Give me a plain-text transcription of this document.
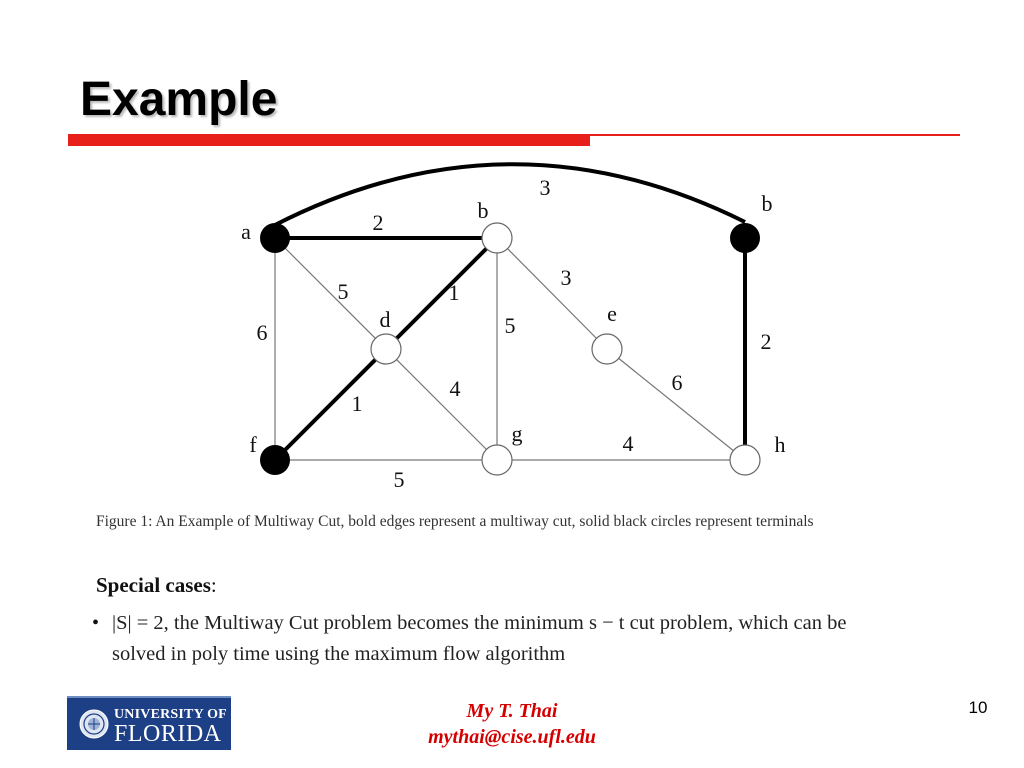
Example
a
b	b
d	e
f	g	h
3
2
5	1
6
3
5
2
6
4
1
4
5

Figure 1: An Example of Multiway Cut, bold edges represent a multiway cut, solid black circles represent terminals

Special cases:

• |S| = 2, the Multiway Cut problem becomes the minimum s − t cut problem, which can be solved in poly time using the maximum flow algorithm

UNIVERSITY OF
FLORIDA
My T. Thai
mythai@cise.ufl.edu
10
